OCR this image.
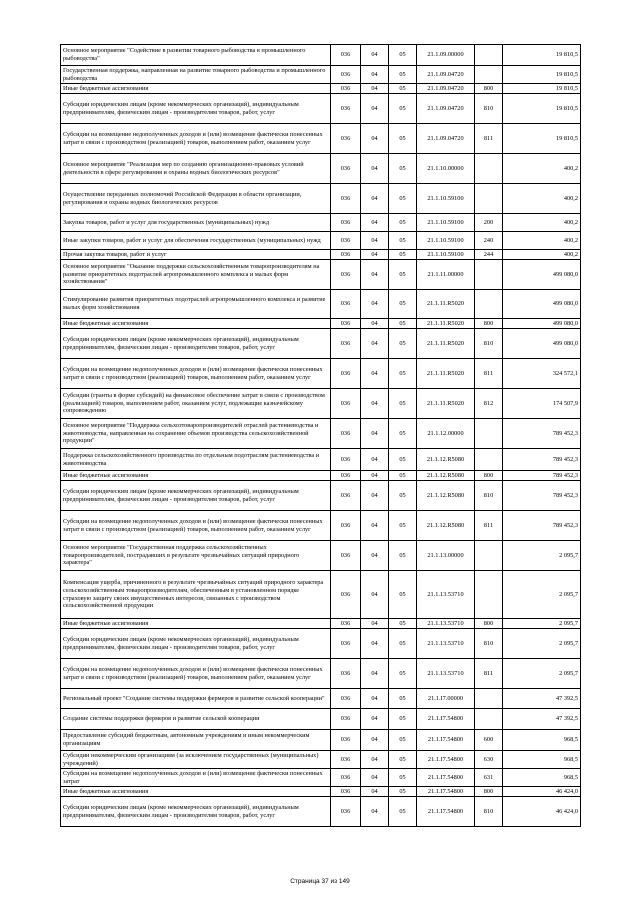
Основное мероприятие "Содействие в развитии товарного рыбоводства в промышленного рыбоводства"	036	04	05	21.1.09.00000		19 810,5
Государственная поддержка, направленная на развитие товарного рыбоводства и промышленного рыбоводства	036	04	05	21.1.09.04720		19 810,5
Иные бюджетные ассигнования	036	04	05	21.1.09.04720	800	19 810,5
Субсидии юридическим лицам (кроме некоммерческих организаций), индивидуальным предпринимателям, физическим лицам - производителям товаров, работ, услуг	036	04	05	21.1.09.04720	810	19 810,5
Субсидии на возмещение недополученных доходов и (или) возмещение фактически понесенных затрат в связи с производством (реализацией) товаров, выполнением работ, оказанием услуг	036	04	05	21.1.09.04720	811	19 810,5
Основное мероприятие "Реализация мер по созданию организационно-правовых условий деятельности в сфере регулирования и охраны водных биологических ресурсов"	036	04	05	21.1.10.00000		400,2
Осуществление переданных полномочий Российской Федерации в области организации, регулирования и охраны водных биологических ресурсов	036	04	05	21.1.10.59100		400,2
Закупка товаров, работ и услуг для государственных (муниципальных) нужд	036	04	05	21.1.10.59100	200	400,2
Иные закупки товаров, работ и услуг для обеспечения государственных (муниципальных) нужд	036	04	05	21.1.10.59100	240	400,2
Прочая закупка товаров, работ и услуг	036	04	05	21.1.10.59100	244	400,2
Основное мероприятие "Оказание поддержки сельскохозяйственным товаропроизводителям на развитие приоритетных подотраслей агропромышленного комплекса и малых форм хозяйствования"	036	04	05	21.1.11.00000		499 080,0
Стимулирование развития приоритетных подотраслей агропромышленного комплекса и развитие малых форм хозяйствования	036	04	05	21.1.11.R5020		499 080,0
Иные бюджетные ассигнования	036	04	05	21.1.11.R5020	800	499 080,0
Субсидии юридическим лицам (кроме некоммерческих организаций), индивидуальным предпринимателям, физическим лицам - производителям товаров, работ, услуг	036	04	05	21.1.11.R5020	810	499 080,0
Субсидии на возмещение недополученных доходов и (или) возмещение фактически понесенных затрат в связи с производством (реализацией) товаров, выполнением работ, оказанием услуг	036	04	05	21.1.11.R5020	811	324 572,1
Субсидии (гранты в форме субсидий) на финансовое обеспечение затрат в связи с производством (реализацией) товаров, выполнением работ, оказанием услуг, подлежащие казначейскому сопровождению	036	04	05	21.1.11.R5020	812	174 507,9
Основное мероприятие "Поддержка сельхозтоваропроизводителей отраслей растениеводства и животноводства, направленная на сохранение объемов производства сельскохозяйственной продукции"	036	04	05	21.1.12.00000		789 452,3
Поддержка сельскохозяйственного производства по отдельным подотраслям растениеводства и животноводства	036	04	05	21.1.12.R5080		789 452,3
Иные бюджетные ассигнования	036	04	05	21.1.12.R5080	800	789 452,3
Субсидии юридическим лицам (кроме некоммерческих организаций), индивидуальным предпринимателям, физическим лицам - производителям товаров, работ, услуг	036	04	05	21.1.12.R5080	810	789 452,3
Субсидии на возмещение недополученных доходов и (или) возмещение фактически понесенных затрат в связи с производством (реализацией) товаров, выполнением работ, оказанием услуг	036	04	05	21.1.12.R5080	811	789 452,3
Основное мероприятие "Государственная поддержка сельскохозяйственных товаропроизводителей, пострадавших в результате чрезвычайных ситуаций природного характера"	036	04	05	21.1.13.00000		2 095,7
Компенсация ущерба, причиненного в результате чрезвычайных ситуаций природного характера сельскохозяйственным товаропроизводителям, обеспеченным в установленном порядке страховую защиту своих имущественных интересов, связанных с производством сельскохозяйственной продукции	036	04	05	21.1.13.53710		2 095,7
Иные бюджетные ассигнования	036	04	05	21.1.13.53710	800	2 095,7
Субсидии юридическим лицам (кроме некоммерческих организаций), индивидуальным предпринимателям, физическим лицам - производителям товаров, работ, услуг	036	04	05	21.1.13.53710	810	2 095,7
Субсидии на возмещение недополученных доходов и (или) возмещение фактически понесенных затрат в связи с производством (реализацией) товаров, выполнением работ, оказанием услуг	036	04	05	21.1.13.53710	811	2 095,7
Региональный проект "Создание системы поддержки фермеров и развитие сельской кооперации"	036	04	05	21.1.I7.00000		47 392,5
Создание системы поддержки фермеров и развитие сельской кооперации	036	04	05	21.1.I7.54800		47 392,5
Предоставление субсидий бюджетным, автономным учреждениям и иным некоммерческим организациям	036	04	05	21.1.I7.54800	600	968,5
Субсидии некоммерческим организациям (за исключением государственных (муниципальных) учреждений)	036	04	05	21.1.I7.54800	630	968,5
Субсидии на возмещение недополученных доходов и (или) возмещение фактически понесенных затрат	036	04	05	21.1.I7.54800	631	968,5
Иные бюджетные ассигнования	036	04	05	21.1.I7.54800	800	46 424,0
Субсидии юридическим лицам (кроме некоммерческих организаций), индивидуальным предпринимателям, физическим лицам - производителям товаров, работ, услуг	036	04	05	21.1.I7.54800	810	46 424,0
Страница 37 из 149
